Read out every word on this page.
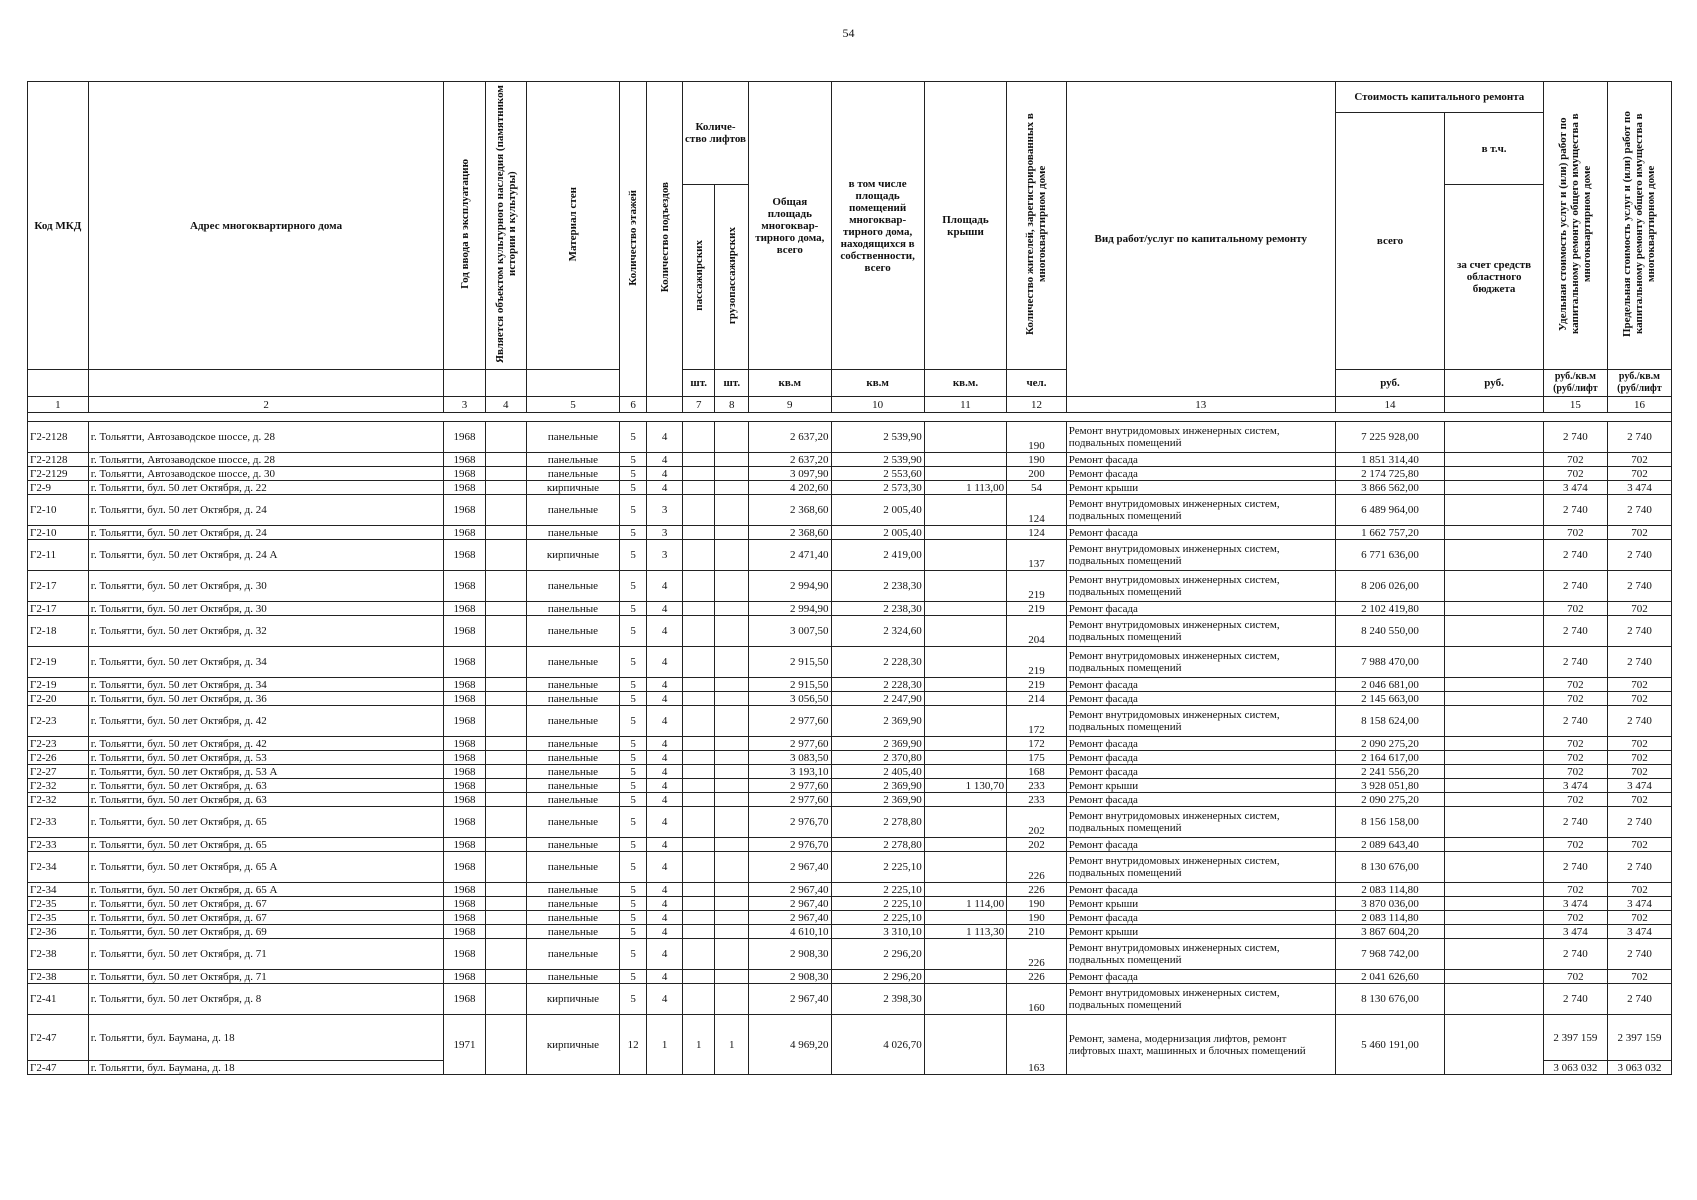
54
Код МКД	Адрес многоквартирного дома	Год ввода в эксплуатацию	Является объектом культурного наследия (памятником истории и культуры)	Материал стен	Количество этажей	Количество подъездов	Количе-ство лифтов		Общая площадь многоквар-тирного дома, всего	в том числе площадь помещений многоквар-тирного дома, находящихся в собственности, всего	Площадь крыши	Количество жителей, зарегистрированных в многоквартирном доме	Вид работ/услуг по капитальному ремонту	Стоимость капитального ремонта		Удельная стоимость услуг и (или) работ по капитальному ремонту общего имущества в многоквартирном доме	Предельная стоимость услуг и (или) работ по капитальному ремонту общего имущества в многоквартирном доме
														всего	в т.ч.		
							пассажирских	грузопассажирских							за счет средств областного бюджета		
							шт.	шт.	кв.м	кв.м	кв.м.	чел.		руб.	руб.	руб./кв.м (руб/лифт	руб./кв.м (руб/лифт
1	2	3	4	5	6		7	8	9	10	11	12	13	14		15	16

Г2-2128	г. Тольятти, Автозаводское шоссе, д. 28	1968		панельные	5	4			2 637,20	2 539,90		190	Ремонт внутридомовых инженерных систем, подвальных помещений	7 225 928,00		2 740	2 740
Г2-2128	г. Тольятти, Автозаводское шоссе, д. 28	1968		панельные	5	4			2 637,20	2 539,90		190	Ремонт фасада	1 851 314,40		702	702
Г2-2129	г. Тольятти, Автозаводское шоссе, д. 30	1968		панельные	5	4			3 097,90	2 553,60		200	Ремонт фасада	2 174 725,80		702	702
Г2-9	г. Тольятти, бул. 50 лет Октября, д. 22	1968		кирпичные	5	4			4 202,60	2 573,30	1 113,00	54	Ремонт крыши	3 866 562,00		3 474	3 474
Г2-10	г. Тольятти, бул. 50 лет Октября, д. 24	1968		панельные	5	3			2 368,60	2 005,40		124	Ремонт внутридомовых инженерных систем, подвальных помещений	6 489 964,00		2 740	2 740
Г2-10	г. Тольятти, бул. 50 лет Октября, д. 24	1968		панельные	5	3			2 368,60	2 005,40		124	Ремонт фасада	1 662 757,20		702	702
Г2-11	г. Тольятти, бул. 50 лет Октября, д. 24 А	1968		кирпичные	5	3			2 471,40	2 419,00		137	Ремонт внутридомовых инженерных систем, подвальных помещений	6 771 636,00		2 740	2 740
Г2-17	г. Тольятти, бул. 50 лет Октября, д. 30	1968		панельные	5	4			2 994,90	2 238,30		219	Ремонт внутридомовых инженерных систем, подвальных помещений	8 206 026,00		2 740	2 740
Г2-17	г. Тольятти, бул. 50 лет Октября, д. 30	1968		панельные	5	4			2 994,90	2 238,30		219	Ремонт фасада	2 102 419,80		702	702
Г2-18	г. Тольятти, бул. 50 лет Октября, д. 32	1968		панельные	5	4			3 007,50	2 324,60		204	Ремонт внутридомовых инженерных систем, подвальных помещений	8 240 550,00		2 740	2 740
Г2-19	г. Тольятти, бул. 50 лет Октября, д. 34	1968		панельные	5	4			2 915,50	2 228,30		219	Ремонт внутридомовых инженерных систем, подвальных помещений	7 988 470,00		2 740	2 740
Г2-19	г. Тольятти, бул. 50 лет Октября, д. 34	1968		панельные	5	4			2 915,50	2 228,30		219	Ремонт фасада	2 046 681,00		702	702
Г2-20	г. Тольятти, бул. 50 лет Октября, д. 36	1968		панельные	5	4			3 056,50	2 247,90		214	Ремонт фасада	2 145 663,00		702	702
Г2-23	г. Тольятти, бул. 50 лет Октября, д. 42	1968		панельные	5	4			2 977,60	2 369,90		172	Ремонт внутридомовых инженерных систем, подвальных помещений	8 158 624,00		2 740	2 740
Г2-23	г. Тольятти, бул. 50 лет Октября, д. 42	1968		панельные	5	4			2 977,60	2 369,90		172	Ремонт фасада	2 090 275,20		702	702
Г2-26	г. Тольятти, бул. 50 лет Октября, д. 53	1968		панельные	5	4			3 083,50	2 370,80		175	Ремонт фасада	2 164 617,00		702	702
Г2-27	г. Тольятти, бул. 50 лет Октября, д. 53 А	1968		панельные	5	4			3 193,10	2 405,40		168	Ремонт фасада	2 241 556,20		702	702
Г2-32	г. Тольятти, бул. 50 лет Октября, д. 63	1968		панельные	5	4			2 977,60	2 369,90	1 130,70	233	Ремонт крыши	3 928 051,80		3 474	3 474
Г2-32	г. Тольятти, бул. 50 лет Октября, д. 63	1968		панельные	5	4			2 977,60	2 369,90		233	Ремонт фасада	2 090 275,20		702	702
Г2-33	г. Тольятти, бул. 50 лет Октября, д. 65	1968		панельные	5	4			2 976,70	2 278,80		202	Ремонт внутридомовых инженерных систем, подвальных помещений	8 156 158,00		2 740	2 740
Г2-33	г. Тольятти, бул. 50 лет Октября, д. 65	1968		панельные	5	4			2 976,70	2 278,80		202	Ремонт фасада	2 089 643,40		702	702
Г2-34	г. Тольятти, бул. 50 лет Октября, д. 65 А	1968		панельные	5	4			2 967,40	2 225,10		226	Ремонт внутридомовых инженерных систем, подвальных помещений	8 130 676,00		2 740	2 740
Г2-34	г. Тольятти, бул. 50 лет Октября, д. 65 А	1968		панельные	5	4			2 967,40	2 225,10		226	Ремонт фасада	2 083 114,80		702	702
Г2-35	г. Тольятти, бул. 50 лет Октября, д. 67	1968		панельные	5	4			2 967,40	2 225,10	1 114,00	190	Ремонт крыши	3 870 036,00		3 474	3 474
Г2-35	г. Тольятти, бул. 50 лет Октября, д. 67	1968		панельные	5	4			2 967,40	2 225,10		190	Ремонт фасада	2 083 114,80		702	702
Г2-36	г. Тольятти, бул. 50 лет Октября, д. 69	1968		панельные	5	4			4 610,10	3 310,10	1 113,30	210	Ремонт крыши	3 867 604,20		3 474	3 474
Г2-38	г. Тольятти, бул. 50 лет Октября, д. 71	1968		панельные	5	4			2 908,30	2 296,20		226	Ремонт внутридомовых инженерных систем, подвальных помещений	7 968 742,00		2 740	2 740
Г2-38	г. Тольятти, бул. 50 лет Октября, д. 71	1968		панельные	5	4			2 908,30	2 296,20		226	Ремонт фасада	2 041 626,60		702	702
Г2-41	г. Тольятти, бул. 50 лет Октября, д. 8	1968		кирпичные	5	4			2 967,40	2 398,30		160	Ремонт внутридомовых инженерных систем, подвальных помещений	8 130 676,00		2 740	2 740
Г2-47	г. Тольятти, бул. Баумана, д. 18	1971		кирпичные	12	1	1	1	4 969,20	4 026,70		163	Ремонт, замена, модернизация лифтов, ремонт лифтовых шахт, машинных и блочных помещений	5 460 191,00		2 397 159	2 397 159
Г2-47	г. Тольятти, бул. Баумана, д. 18															3 063 032	3 063 032
